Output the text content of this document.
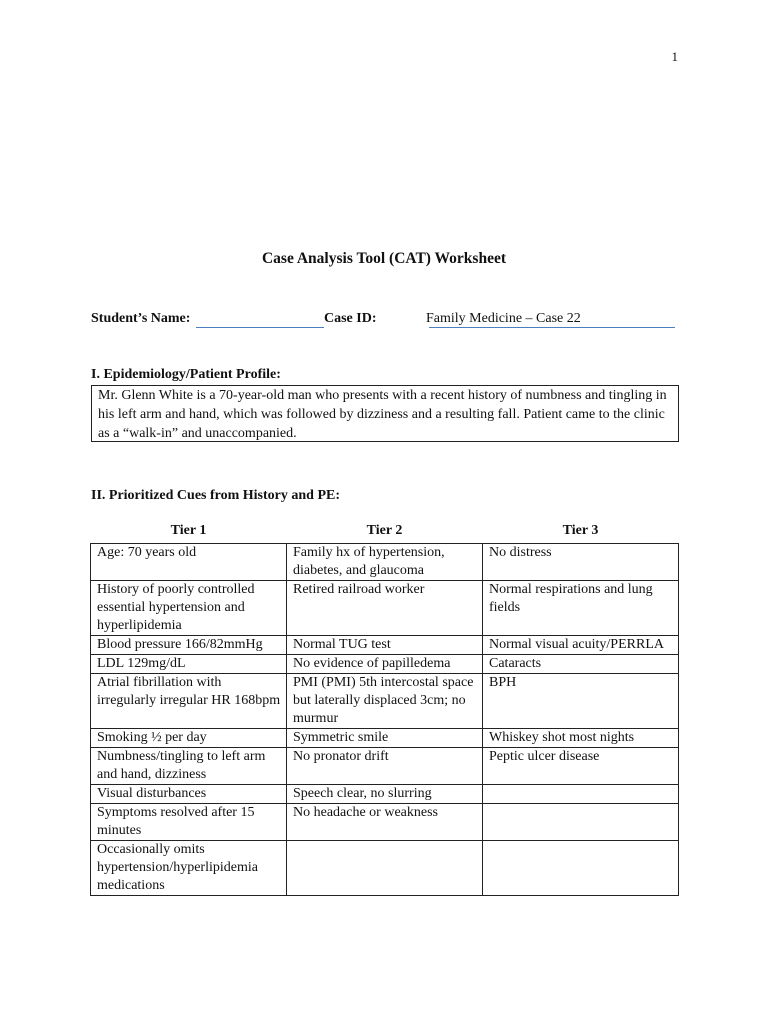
1
Case Analysis Tool (CAT) Worksheet
Student’s Name:	Case ID:	Family Medicine – Case 22
I. Epidemiology/Patient Profile:
Mr. Glenn White is a 70-year-old man who presents with a recent history of numbness and tingling in his left arm and hand, which was followed by dizziness and a resulting fall. Patient came to the clinic as a “walk-in” and unaccompanied.
II. Prioritized Cues from History and PE:
Tier 1	Tier 2	Tier 3
Age: 70 years old	Family hx of hypertension, diabetes, and glaucoma	No distress
History of poorly controlled essential hypertension and hyperlipidemia	Retired railroad worker	Normal respirations and lung fields
Blood pressure 166/82mmHg	Normal TUG test	Normal visual acuity/PERRLA
LDL 129mg/dL	No evidence of papilledema	Cataracts
Atrial fibrillation with irregularly irregular HR 168bpm	PMI (PMI) 5th intercostal space but laterally displaced 3cm; no murmur	BPH
Smoking ½ per day	Symmetric smile	Whiskey shot most nights
Numbness/tingling to left arm and hand, dizziness	No pronator drift	Peptic ulcer disease
Visual disturbances	Speech clear, no slurring	
Symptoms resolved after 15 minutes	No headache or weakness	
Occasionally omits hypertension/hyperlipidemia medications		
